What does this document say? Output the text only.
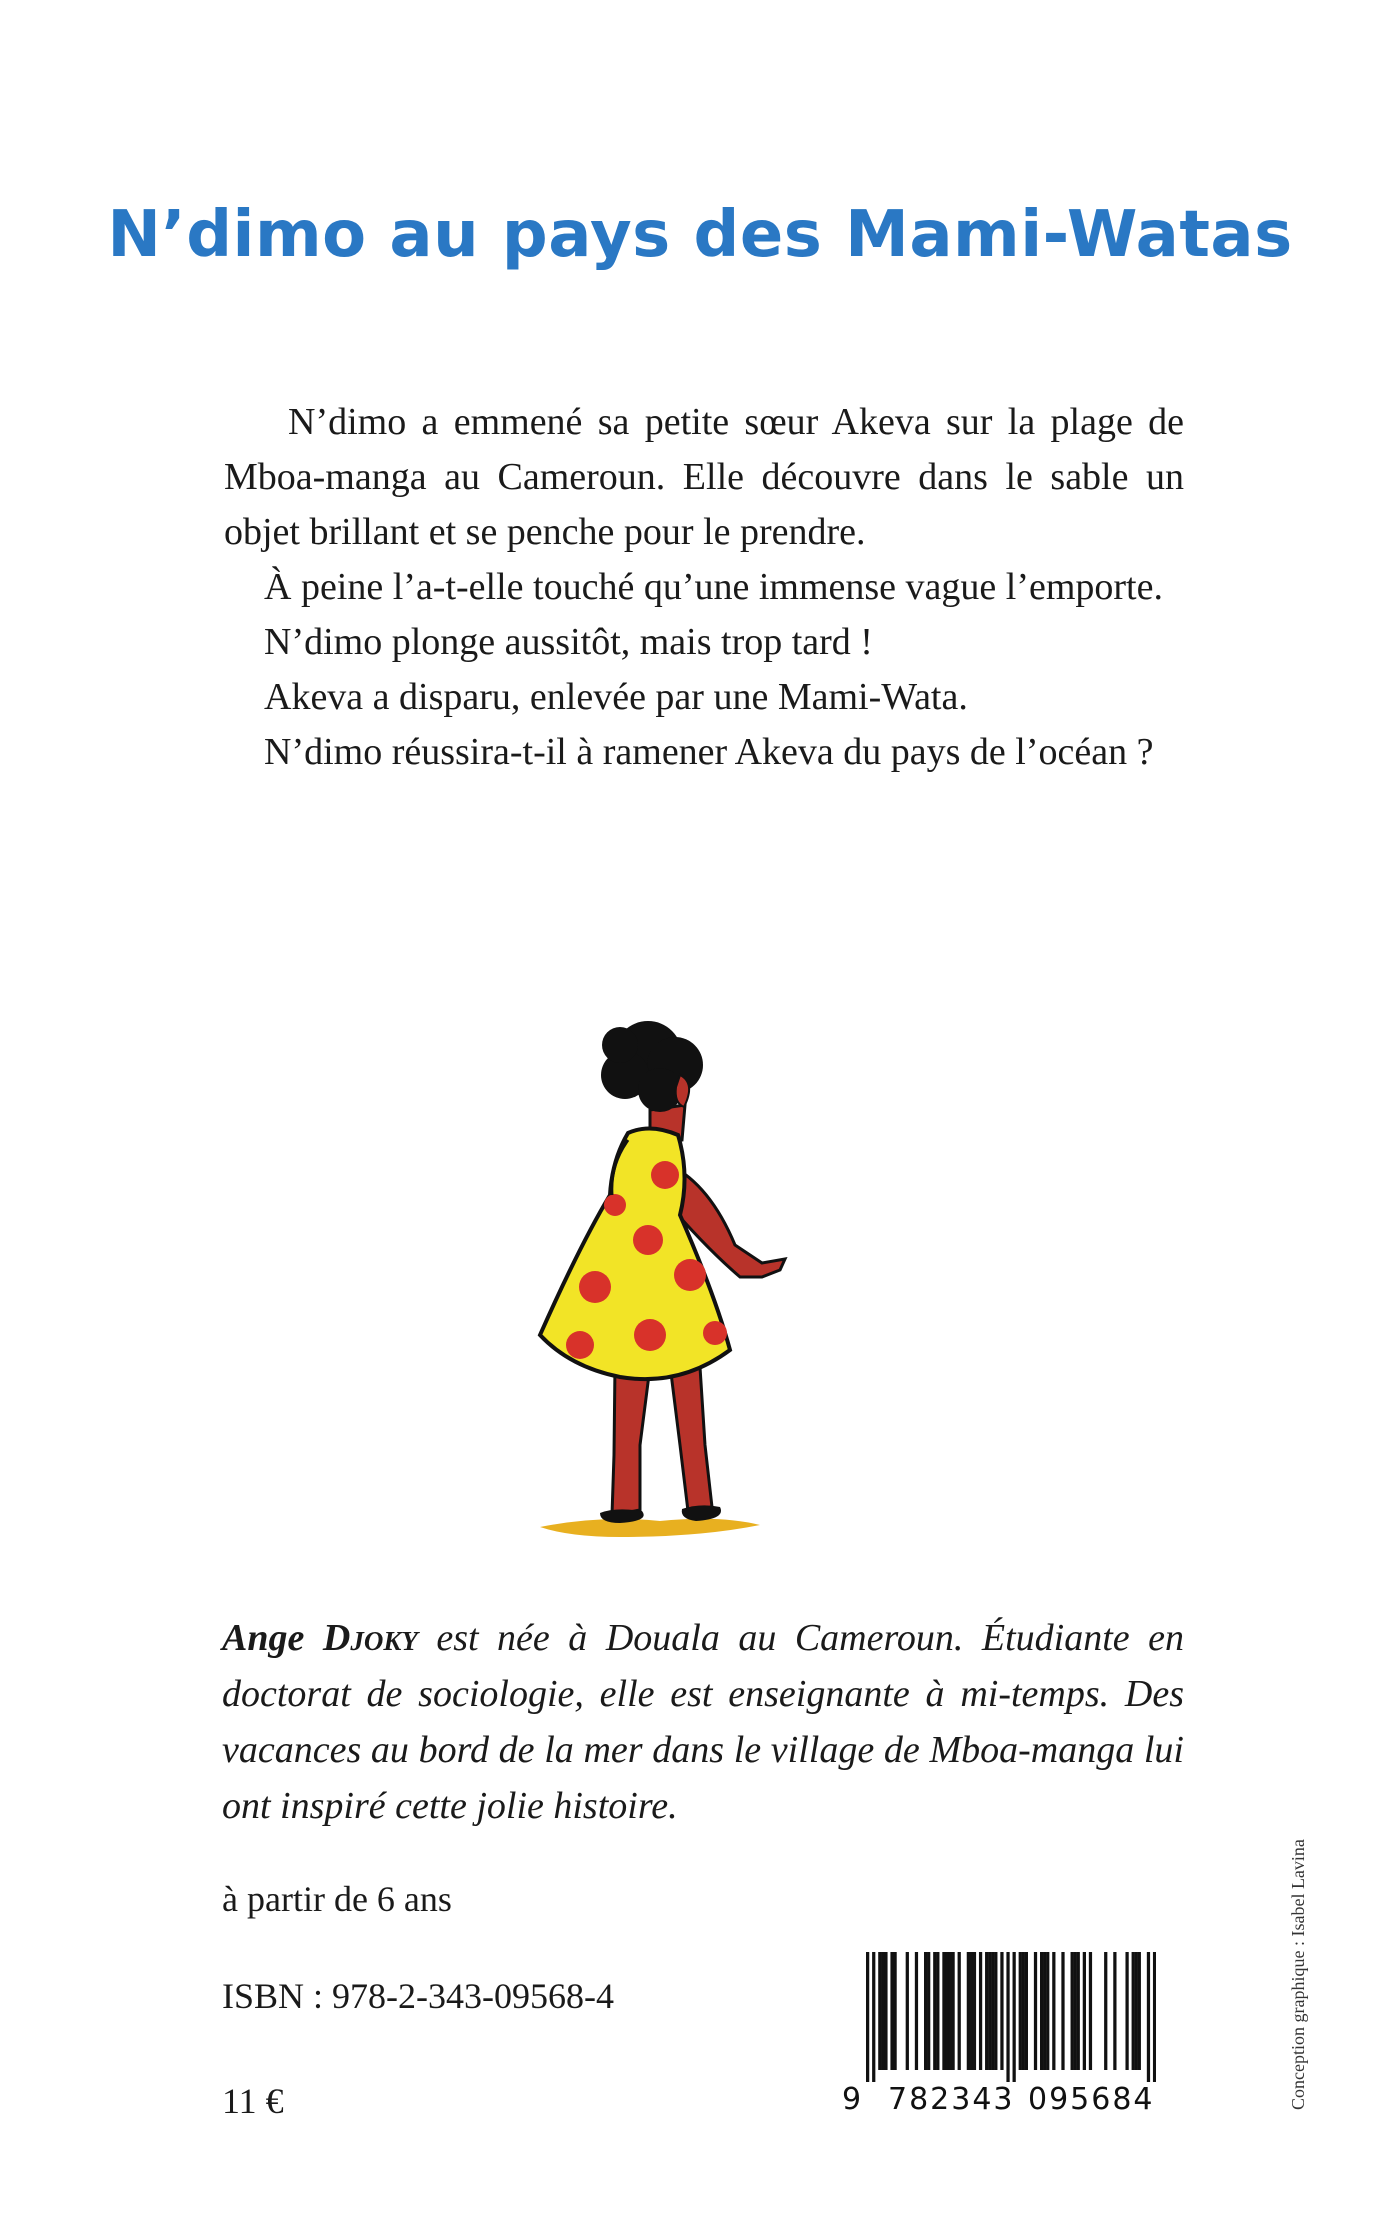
N’dimo au pays des Mami-Watas

N’dimo a emmené sa petite sœur Akeva sur la plage de Mboa-manga au Cameroun. Elle découvre dans le sable un objet brillant et se penche pour le prendre.

À peine l’a-t-elle touché qu’une immense vague l’emporte.

N’dimo plonge aussitôt, mais trop tard !

Akeva a disparu, enlevée par une Mami-Wata.

N’dimo réussira-t-il à ramener Akeva du pays de l’océan ?

Ange Djoky est née à Douala au Cameroun. Étudiante en doctorat de sociologie, elle est enseignante à mi-temps. Des vacances au bord de la mer dans le village de Mboa-manga lui ont inspiré cette jolie histoire.

à partir de 6 ans

ISBN : 978-2-343-09568-4

11 €	9 782343 095684	Conception graphique : Isabel Lavina
